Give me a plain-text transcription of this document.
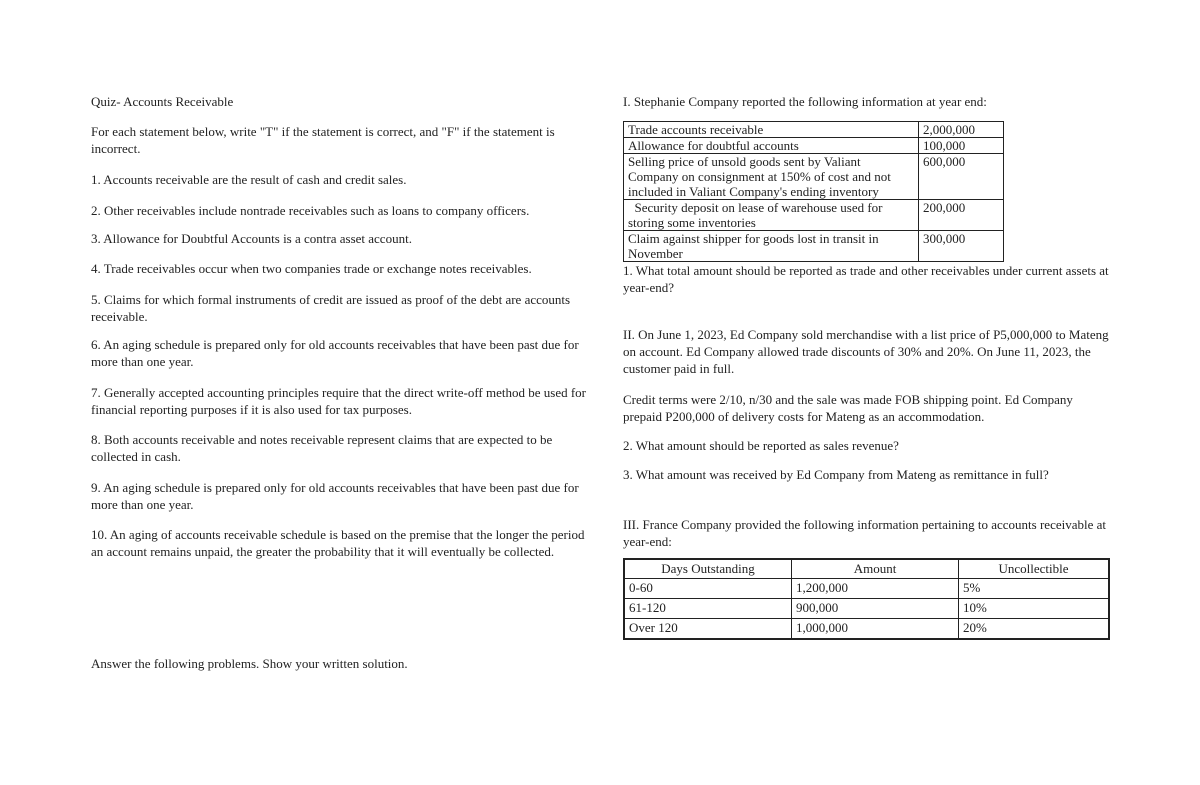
Quiz- Accounts Receivable

For each statement below, write "T" if the statement is correct, and "F" if the statement is incorrect.

1. Accounts receivable are the result of cash and credit sales.

2. Other receivables include nontrade receivables such as loans to company officers.

3. Allowance for Doubtful Accounts is a contra asset account.

4. Trade receivables occur when two companies trade or exchange notes receivables.

5. Claims for which formal instruments of credit are issued as proof of the debt are accounts receivable.

6. An aging schedule is prepared only for old accounts receivables that have been past due for more than one year.

7. Generally accepted accounting principles require that the direct write-off method be used for financial reporting purposes if it is also used for tax purposes.

8. Both accounts receivable and notes receivable represent claims that are expected to be collected in cash.

9. An aging schedule is prepared only for old accounts receivables that have been past due for more than one year.

10. An aging of accounts receivable schedule is based on the premise that the longer the period an account remains unpaid, the greater the probability that it will eventually be collected.

Answer the following problems. Show your written solution.

I. Stephanie Company reported the following information at year end:

Trade accounts receivable	2,000,000
Allowance for doubtful accounts	100,000
Selling price of unsold goods sent by Valiant Company on consignment at 150% of cost and not included in Valiant Company's ending inventory	600,000
Security deposit on lease of warehouse used for storing some inventories	200,000
Claim against shipper for goods lost in transit in November	300,000

1. What total amount should be reported as trade and other receivables under current assets at year-end?

II. On June 1, 2023, Ed Company sold merchandise with a list price of P5,000,000 to Mateng on account. Ed Company allowed trade discounts of 30% and 20%. On June 11, 2023, the customer paid in full.

Credit terms were 2/10, n/30 and the sale was made FOB shipping point. Ed Company prepaid P200,000 of delivery costs for Mateng as an accommodation.

2. What amount should be reported as sales revenue?

3. What amount was received by Ed Company from Mateng as remittance in full?

III. France Company provided the following information pertaining to accounts receivable at year-end:

Days Outstanding	Amount	Uncollectible
0-60	1,200,000	5%
61-120	900,000	10%
Over 120	1,000,000	20%
